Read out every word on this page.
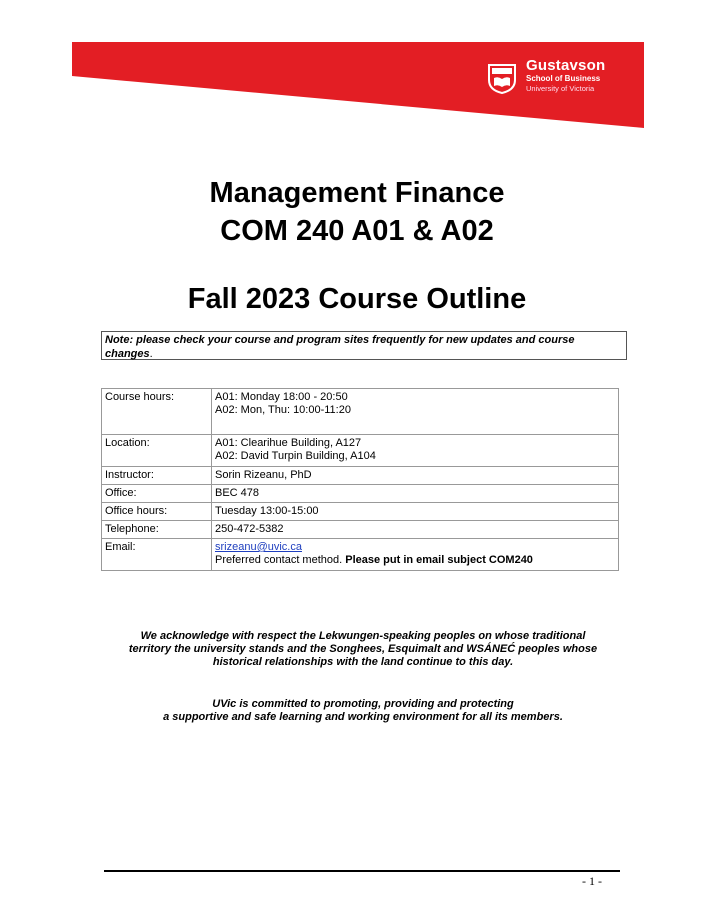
Gustavson
School of Business
University of Victoria
Management Finance
COM 240 A01 & A02
Fall 2023 Course Outline
Note: please check your course and program sites frequently for new updates and course changes.
Course hours:	A01: Monday 18:00 - 20:50
A02: Mon, Thu: 10:00-11:20

Location:	A01: Clearihue Building, A127
A02: David Turpin Building, A104

Instructor:	Sorin Rizeanu, PhD
Office:	BEC 478
Office hours:	Tuesday 13:00-15:00
Telephone:	250-472-5382
Email:	srizeanu@uvic.ca
Preferred contact method. Please put in email subject COM240
We acknowledge with respect the Lekwungen-speaking peoples on whose traditional
territory the university stands and the Songhees, Esquimalt and WSÁNEĆ peoples whose
historical relationships with the land continue to this day.
UVic is committed to promoting, providing and protecting
a supportive and safe learning and working environment for all its members.
- 1 -
